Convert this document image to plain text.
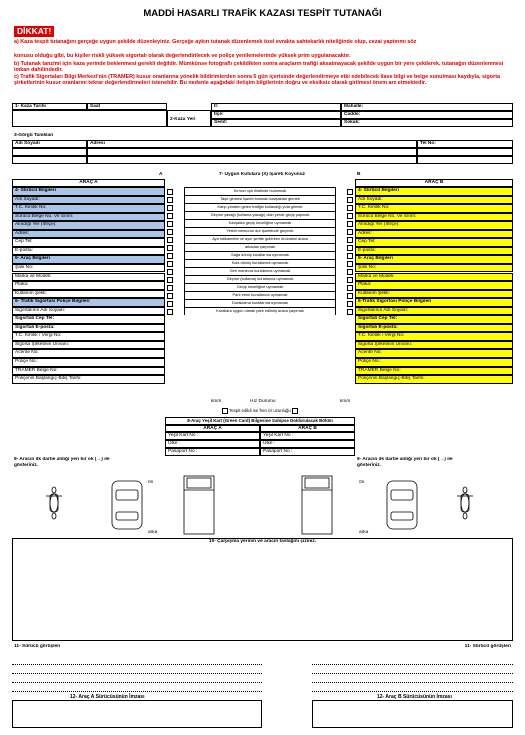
MADDİ HASARLI TRAFİK KAZASI TESPİT TUTANAĞI
DİKKAT!
a) Kaza tespit tutanağını gerçeğe uygun şekilde düzenleyiniz. Gerçeğe aykırı tutanak düzenlemek özel evrakta sahtekarlık niteliğinde olup, cezai yaptırımı söz
konusu olduğu gibi, bu kişiler riskli yüksek sigortalı olarak değerlendirilecek ve poliçe yenilemelerinde yüksek prim uygulanacaktır.
b) Tutanak tanzimi için kaza yerinde beklenmesi gerekli değildir. Mümkünse fotoğraflı çekildikten sonra araçların trafiği aksatmayacak şekilde uygun bir yere çekilerek, tutanağın düzenlenmesi imkan dahilindedir.
c) Trafik Sigortaları Bilgi Merkezi'nin (TRAMER) kusur oranlarına yönelik bildirimlerden sonra 5 gün içerisinde değerlendirmeye etki edebilecek ilave bilgi ve belge sunulması kaydıyla, sigorta şirketlerinin kusur oranlarını tekrar değerlendirmeleri istenebilir. Bu nedenle aşağıdaki iletişim bilgilerinin doğru ve eksiksiz olarak girilmesi önem arz etmektedir.
1- Kaza Tarihi	Saat
2-Kaza Yeri
İl:
İlçe:
Semt:
Mahalle:
Cadde:
Sokak:
3-Görgü Tanıkları
Adı Soyadı	Adresi	Tel No:
A	7- Uygun Kutulara (X) İşareti Koyunuz	B
ARAÇ A	ARAÇ B
km/s	Hız Durumu	km/s
Tespit edildi ise fren izi uzunluğu
8-Araç Yeşil Kart (Green Card) Bilgesine Sahipse Doldurulacak Bölüm
ARAÇ A	ARAÇ B
Yeşil Kart No :	Yeşil Kart No :
Ülke :	Ülke :
Pasaport No :	Pasaport No :
9- Aracın ilk darbe aldığı yeri bir ok (→) ile gösteriniz.
9- Aracın ilk darbe aldığı yeri bir ok (→) ile gösteriniz.
ön
arka
ön
arka
10- Çarpışma yerinin ve aracın taslağını çiziniz.
11- Sürücü görüşleri	11- Sürücü görüşleri
12- Araç A Sürücüsünün İmzası	12- Araç B Sürücüsünün İmzası
4- Sürücü Bilgileri
Adı Soyadı:
T.C. Kimlik No:
Sürücü Belge No. Ve Sınıfı:
Alındığı Yer (İl/İlçe):
Adres:
Cep Tel:
E-posta:
5- Araç Bilgileri
Şasi No:
Marka ve Modeli:
Plaka:
Kullanım Şekli:
6- Trafik Sigortası Poliçe Bilgileri
Sigortalının Adı Soyadı:
Sigortalı Cep Tel:
Sigortalı E-posta:
T.C. Kimlik / Vergi No:
Sigorta Şirketinin Unvanı:
Acente No:
Poliçe No.:
TRAMER Belge No:
Poliçenin Başlangıç-Bitiş Tarihi:
4- Sürücü Bilgileri
Adı Soyadı:
T.C. Kimlik No:
Sürücü Belge No. Ve Sınıfı:
Alındığı Yer (İl/İlçe):
Adres:
Cep Tel:
E-posta:
5- Araç Bilgileri
Şasi No:
Marka ve Modeli:
Plaka:
Kullanım Şekli:
6-Trafik Sigortası Poliçe Bilgileri
Sigortalının Adı Soyadı:
Sigortalı Cep Tel:
Sigortalı E-posta:
T.C. Kimlik / Vergi No:
Sigorta Şirketinin Unvanı:
Acente No:
Poliçe No.:
TRAMER Belge No:
Poliçenin Başlangıç-Bitiş Tarihi:
Kırmızı ışık ihlalinde bulunmak
Taşıt girmesi işareti bulunan kavşaktan girmek
Karşı yönden gelen trafiğin kullandığı yola girmek
Geçme yasağı (sollama yasağı) olan yerde geçiş yapmak
Kavşakta geçiş önceliğine uymamak
Yetkili memurun dur işaretinde geçmek
Ayrı istikamette ve aynı şeritte giderken önündeki araca
arkadan çarpmak
Sağa dönüş kurallarına uymamak
Sola dönüş kurallarına uymamak
Geri manevra kurallarına uymamak
Geçme (sollama) kurallarına uymamak
Geçiş önceliğine uymamak
Park etme kurallarına uymamak
Duraklama kurallarına uymamak
Kurallara uygun olarak park edilmiş araca çarpmak
